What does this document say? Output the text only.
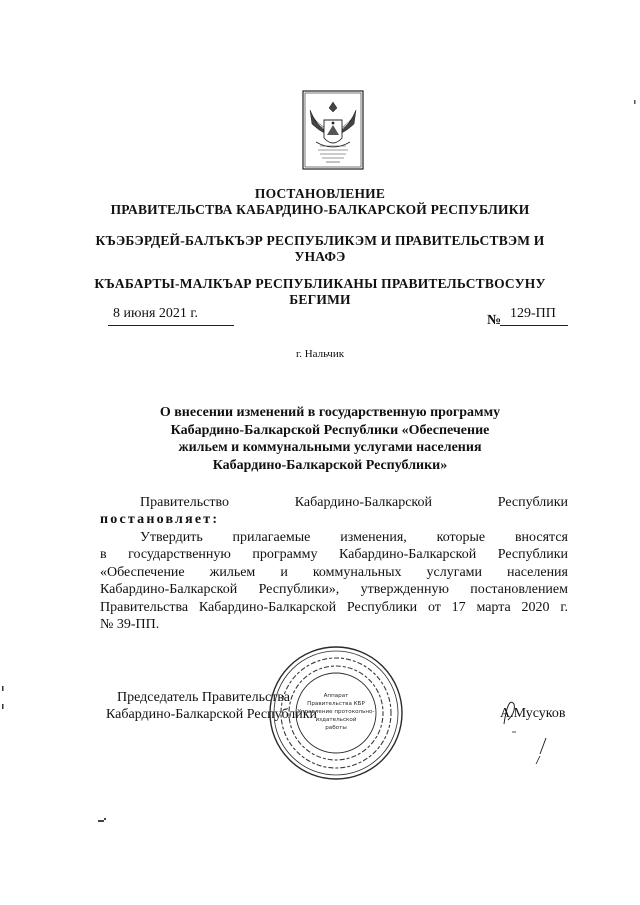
ПОСТАНОВЛЕНИЕ
ПРАВИТЕЛЬСТВА КАБАРДИНО-БАЛКАРСКОЙ РЕСПУБЛИКИ
КЪЭБЭРДЕЙ-БАЛЪКЪЭР РЕСПУБЛИКЭМ И ПРАВИТЕЛЬСТВЭМ И
УНАФЭ
КЪАБАРТЫ-МАЛКЪАР РЕСПУБЛИКАНЫ ПРАВИТЕЛЬСТВОСУНУ
БЕГИМИ
8 июня 2021 г.	№ 129-ПП
г. Нальчик
О внесении изменений в государственную программу
Кабардино-Балкарской Республики «Обеспечение
жильем и коммунальными услугами населения
Кабардино-Балкарской Республики»
Правительство Кабардино-Балкарской Республики
постановляет:
Утвердить прилагаемые изменения, которые вносятся
в государственную программу Кабардино-Балкарской Республики
«Обеспечение жильем и коммунальных услугами населения
Кабардино-Балкарской Республики», утвержденную постановлением
Правительства Кабардино-Балкарской Республики от 17 марта 2020 г.
№ 39-ПП.
Председатель Правительства
Кабардино-Балкарской Республики	А.Мусуков
Аппарат
Правительства КБР
Управление протокольно-
издательской
работы
